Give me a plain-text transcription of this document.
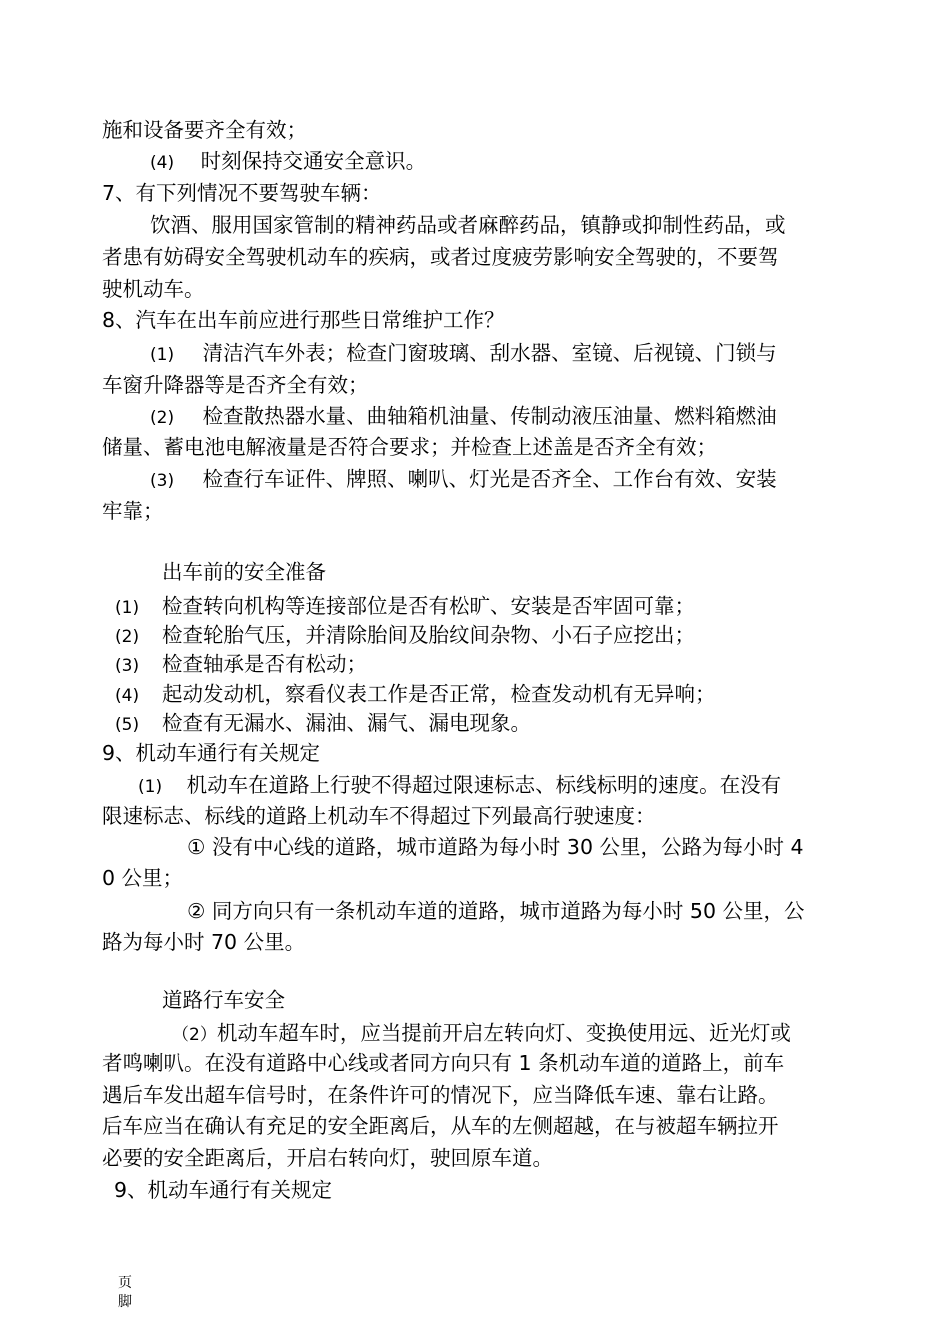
施和设备要齐全有效；
(4) 时刻保持交通安全意识。
7、有下列情况不要驾驶车辆：
饮酒、服用国家管制的精神药品或者麻醉药品，镇静或抑制性药品，或
者患有妨碍安全驾驶机动车的疾病，或者过度疲劳影响安全驾驶的，不要驾
驶机动车。
8、汽车在出车前应进行那些日常维护工作？
(1) 清洁汽车外表；检查门窗玻璃、刮水器、室镜、后视镜、门锁与
车窗升降器等是否齐全有效；
(2) 检查散热器水量、曲轴箱机油量、传制动液压油量、燃料箱燃油
储量、蓄电池电解液量是否符合要求；并检查上述盖是否齐全有效；
(3) 检查行车证件、牌照、喇叭、灯光是否齐全、工作台有效、安装
牢靠；
出车前的安全准备
(1) 检查转向机构等连接部位是否有松旷、安装是否牢固可靠；
(2) 检查轮胎气压，并清除胎间及胎纹间杂物、小石子应挖出；
(3) 检查轴承是否有松动；
(4) 起动发动机，察看仪表工作是否正常，检查发动机有无异响；
(5) 检查有无漏水、漏油、漏气、漏电现象。
9、机动车通行有关规定
(1) 机动车在道路上行驶不得超过限速标志、标线标明的速度。在没有
限速标志、标线的道路上机动车不得超过下列最高行驶速度：
① 没有中心线的道路，城市道路为每小时 30 公里，公路为每小时 4
0 公里；
② 同方向只有一条机动车道的道路，城市道路为每小时 50 公里，公
路为每小时 70 公里。
道路行车安全
（2）机动车超车时，应当提前开启左转向灯、变换使用远、近光灯或
者鸣喇叭。在没有道路中心线或者同方向只有 1 条机动车道的道路上，前车
遇后车发出超车信号时，在条件许可的情况下，应当降低车速、靠右让路。
后车应当在确认有充足的安全距离后，从车的左侧超越，在与被超车辆拉开
必要的安全距离后，开启右转向灯，驶回原车道。
9、机动车通行有关规定
页
脚
